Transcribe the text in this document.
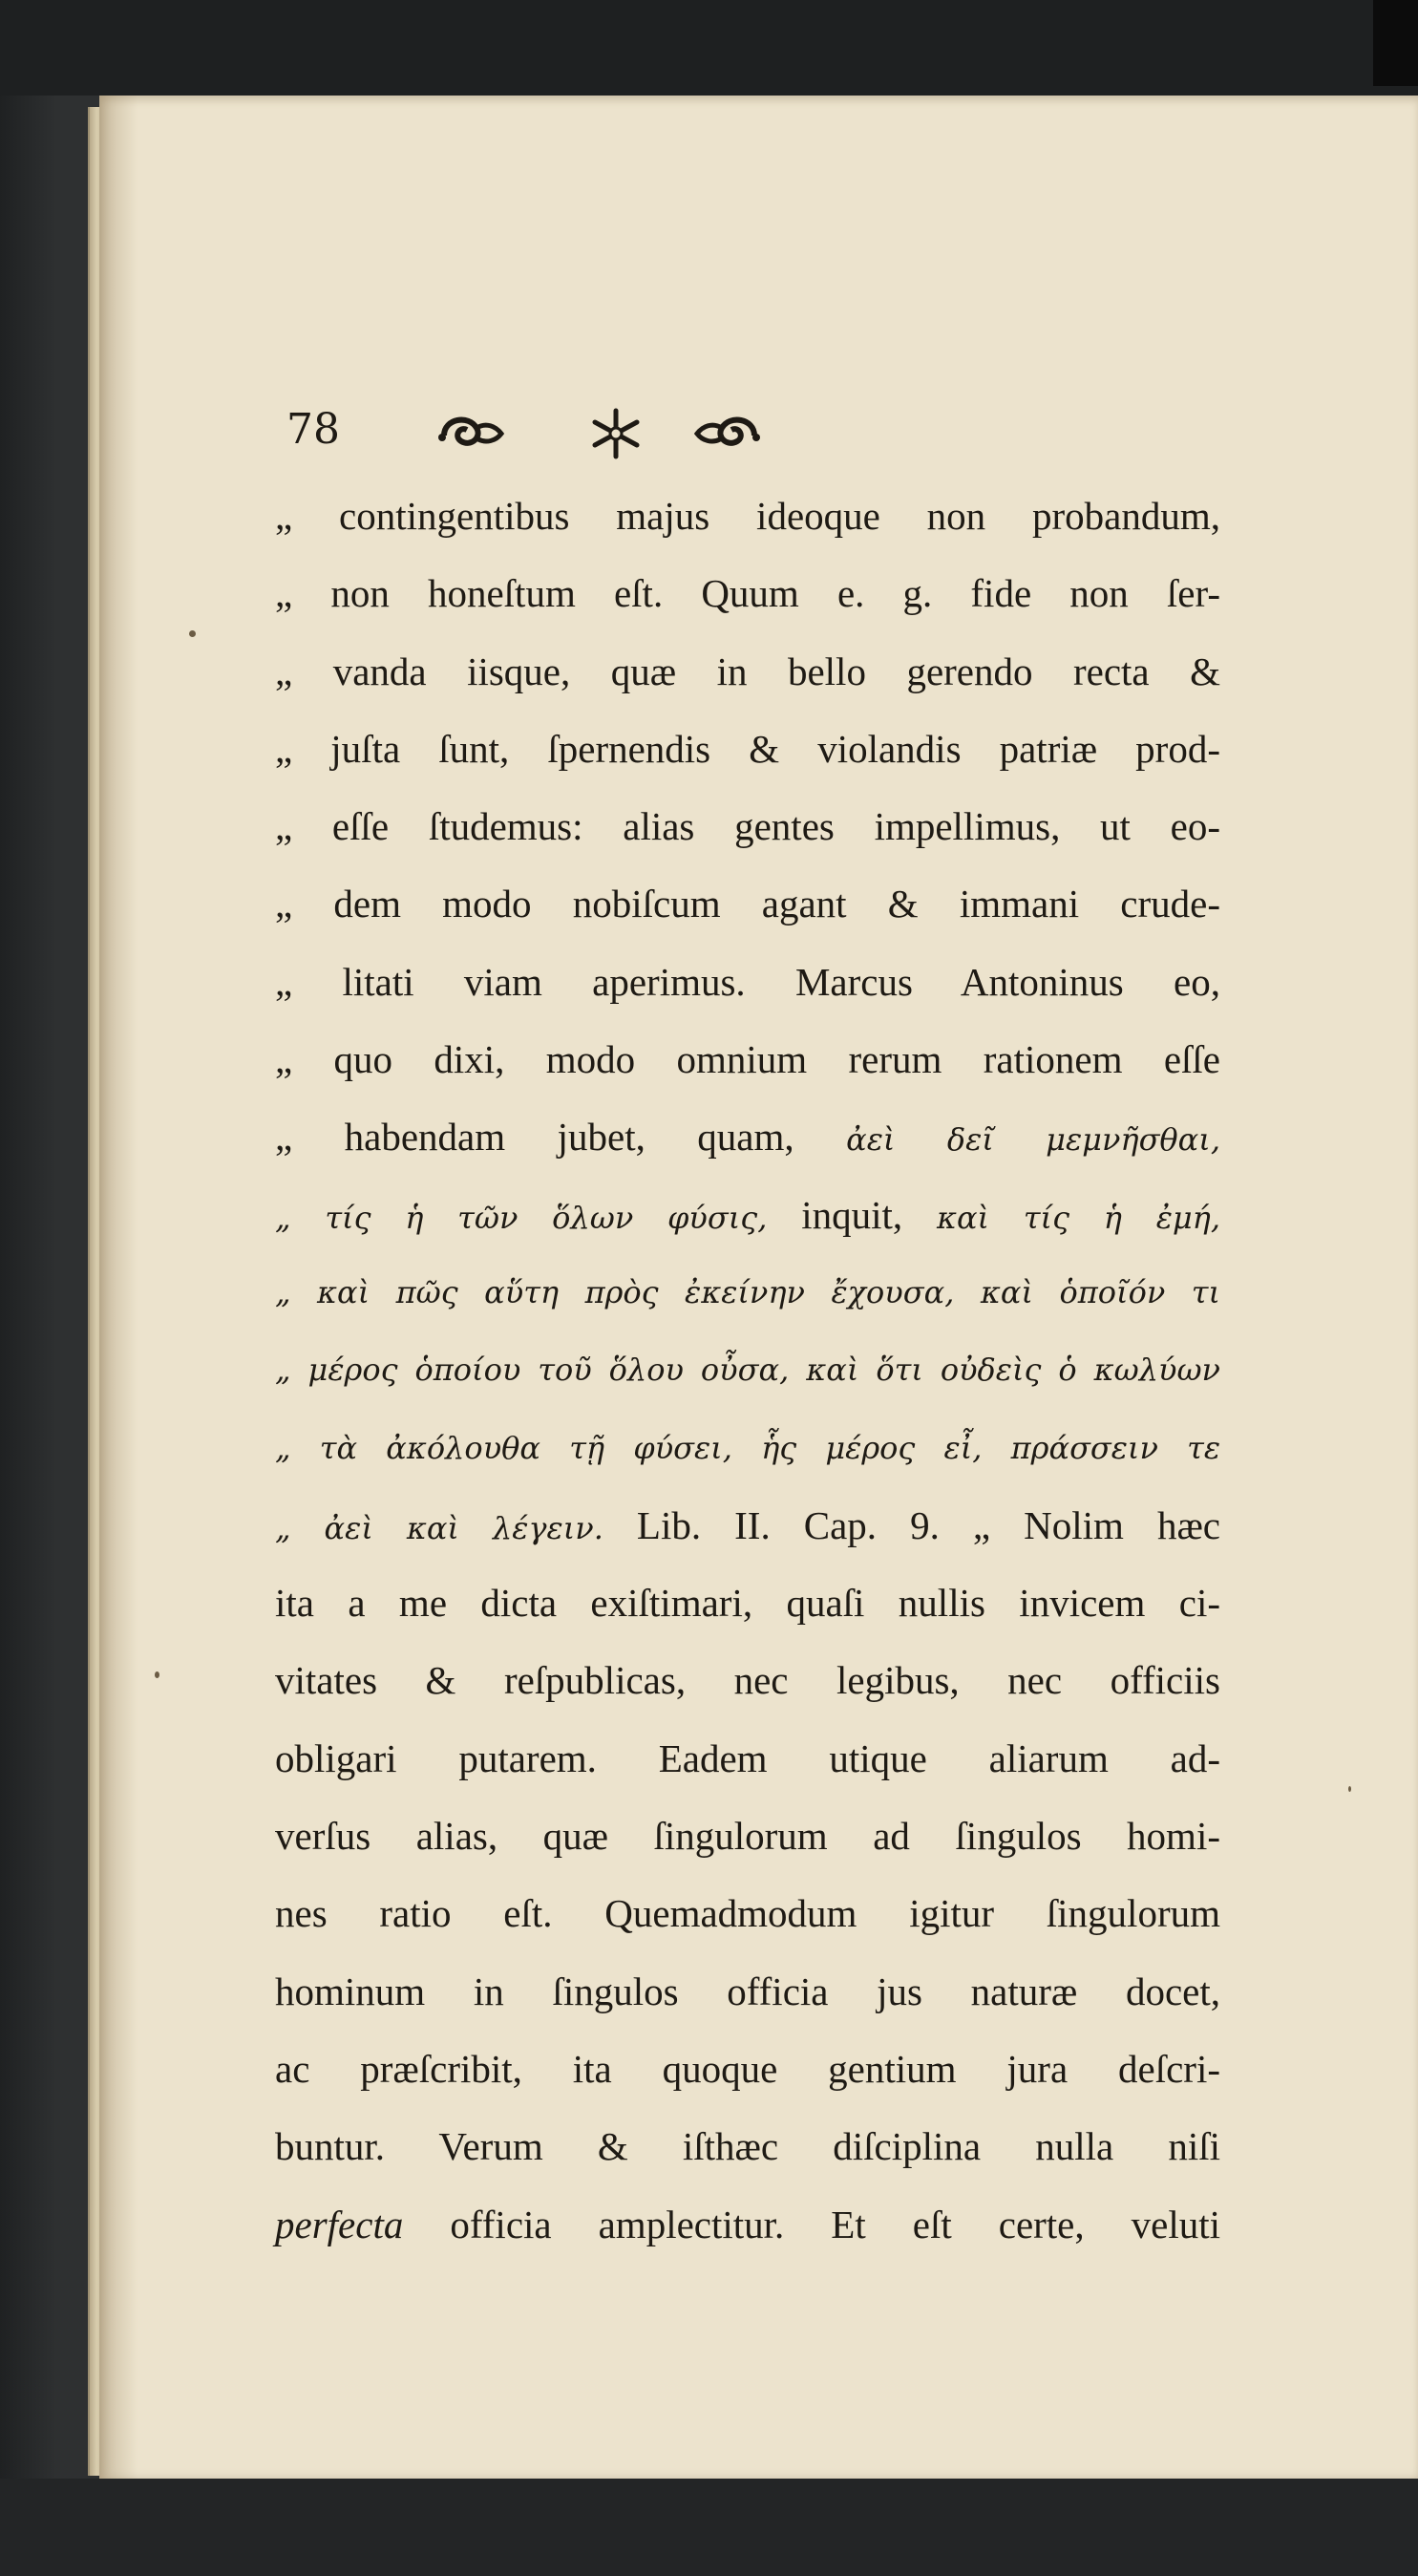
78
„ contingentibus majus ideoque non probandum,
„ non honeſtum eſt. Quum e. g. fide non ſer-
„ vanda iisque, quæ in bello gerendo recta &
„ juſta ſunt, ſpernendis & violandis patriæ prod-
„ eſſe ſtudemus: alias gentes impellimus, ut eo-
„ dem modo nobiſcum agant & immani crude-
„ litati viam aperimus. Marcus Antoninus eo,
„ quo dixi, modo omnium rerum rationem eſſe
„ habendam jubet, quam, ἀεὶ δεῖ μεμνῆσθαι,
„ τίς ἡ τῶν ὅλων φύσις, inquit, καὶ τίς ἡ ἐμή,
„ καὶ πῶς αὕτη πρὸς ἐκείνην ἔχουσα, καὶ ὁποῖόν τι
„ μέρος ὁποίου τοῦ ὅλου οὖσα, καὶ ὅτι οὐδεὶς ὁ κωλύων
„ τὰ ἀκόλουθα τῇ φύσει, ἧς μέρος εἶ, πράσσειν τε
„ ἀεὶ καὶ λέγειν. Lib. II. Cap. 9. „ Nolim hæc
ita a me dicta exiſtimari, quaſi nullis invicem ci-
vitates & reſpublicas, nec legibus, nec officiis
obligari putarem. Eadem utique aliarum ad-
verſus alias, quæ ſingulorum ad ſingulos homi-
nes ratio eſt. Quemadmodum igitur ſingulorum
hominum in ſingulos officia jus naturæ docet,
ac præſcribit, ita quoque gentium jura deſcri-
buntur. Verum & iſthæc diſciplina nulla niſi
perfecta officia amplectitur. Et eſt certe, veluti
